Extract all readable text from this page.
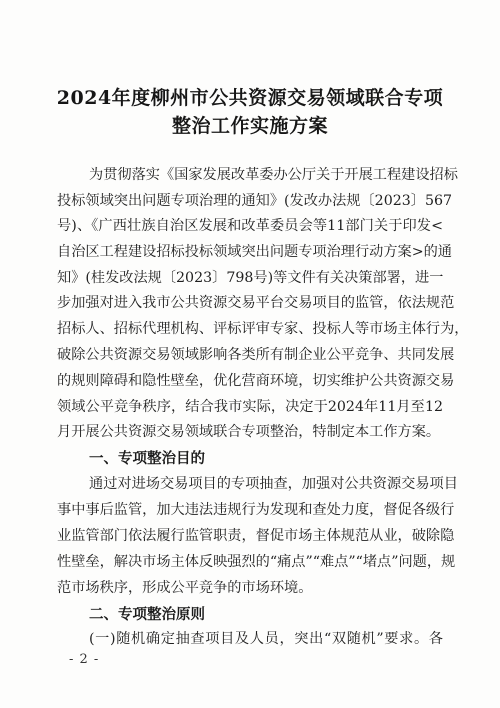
2024年度柳州市公共资源交易领域联合专项
整治工作实施方案
为贯彻落实《国家发展改革委办公厅关于开展工程建设招标
投标领域突出问题专项治理的通知》(发改办法规〔2023〕567
号)、《广西壮族自治区发展和改革委员会等11部门关于印发<
自治区工程建设招标投标领域突出问题专项治理行动方案>的通
知》(桂发改法规〔2023〕798号)等文件有关决策部署，进一
步加强对进入我市公共资源交易平台交易项目的监管，依法规范
招标人、招标代理机构、评标评审专家、投标人等市场主体行为，
破除公共资源交易领域影响各类所有制企业公平竞争、共同发展
的规则障碍和隐性壁垒，优化营商环境，切实维护公共资源交易
领域公平竞争秩序，结合我市实际，决定于2024年11月至12
月开展公共资源交易领域联合专项整治，特制定本工作方案。
一、专项整治目的
通过对进场交易项目的专项抽查，加强对公共资源交易项目
事中事后监管，加大违法违规行为发现和查处力度，督促各级行
业监管部门依法履行监管职责，督促市场主体规范从业，破除隐
性壁垒，解决市场主体反映强烈的“痛点”“难点”“堵点”问题，规
范市场秩序，形成公平竞争的市场环境。
二、专项整治原则
(一)随机确定抽查项目及人员，突出“双随机”要求。各
- 2 -
